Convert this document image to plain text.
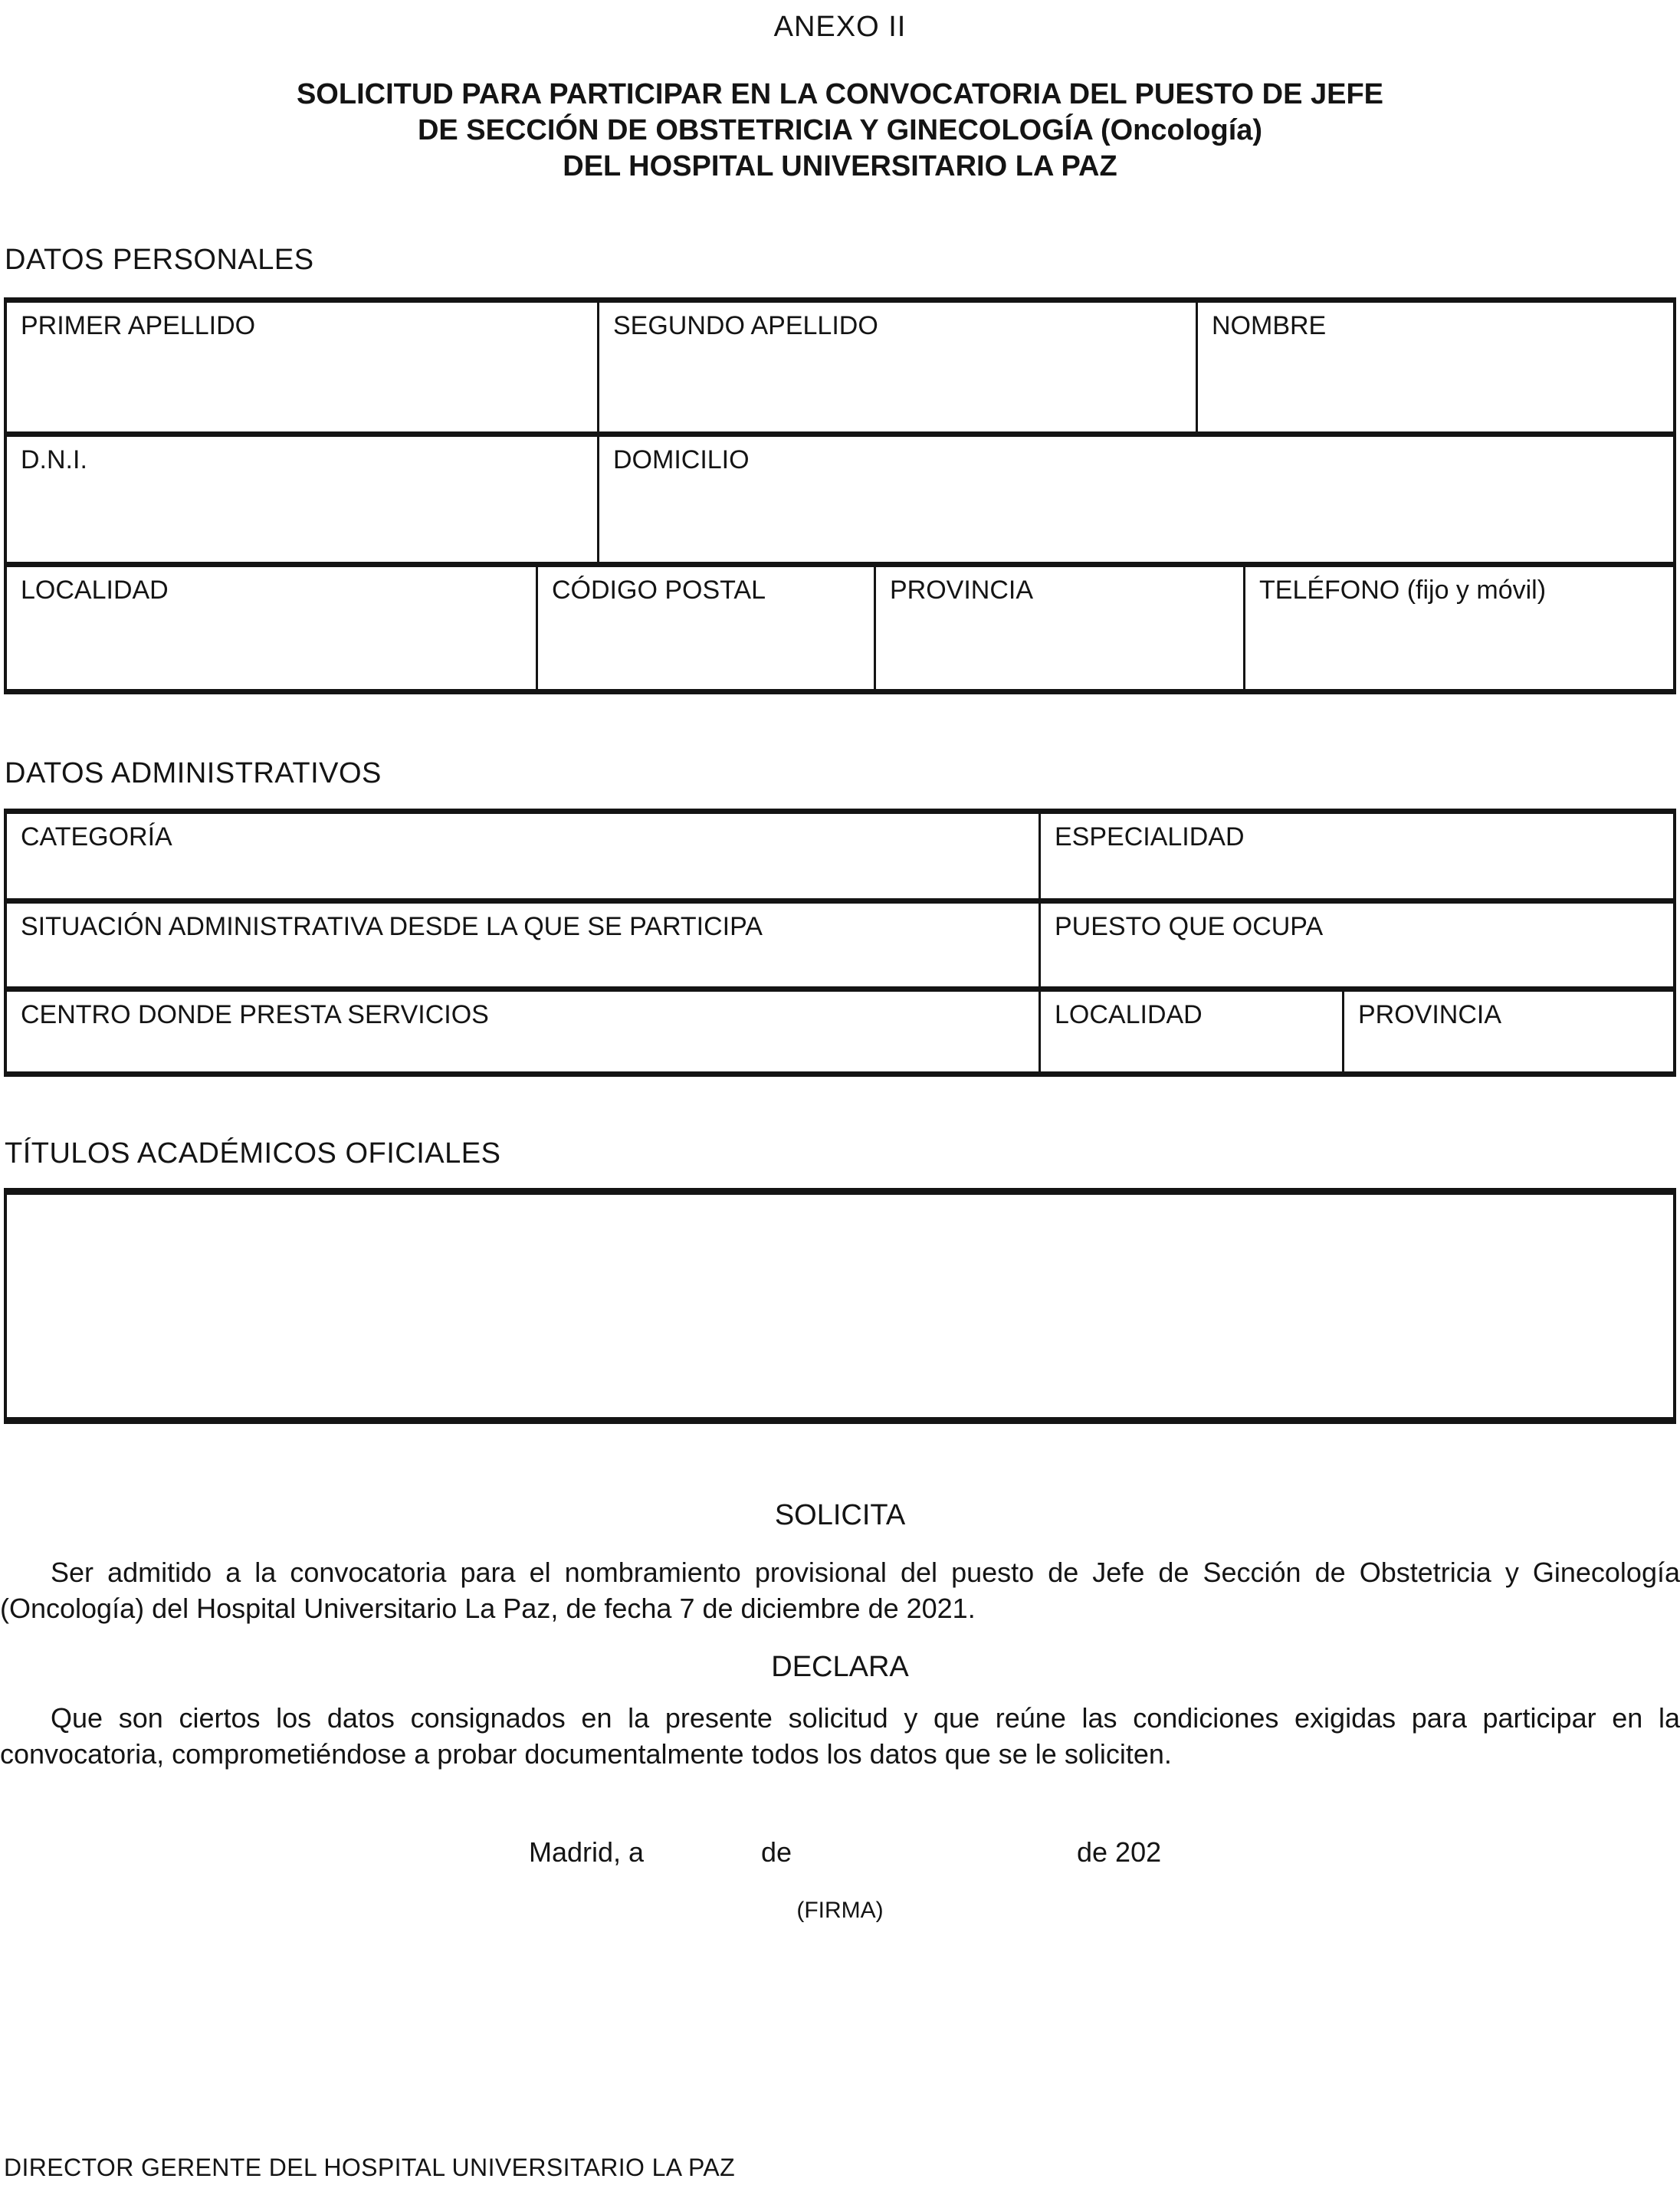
ANEXO II
SOLICITUD PARA PARTICIPAR EN LA CONVOCATORIA DEL PUESTO DE JEFE
DE SECCIÓN DE OBSTETRICIA Y GINECOLOGÍA (Oncología)
DEL HOSPITAL UNIVERSITARIO LA PAZ
DATOS PERSONALES
PRIMER APELLIDO	SEGUNDO APELLIDO	NOMBRE
D.N.I.	DOMICILIO
LOCALIDAD	CÓDIGO POSTAL	PROVINCIA	TELÉFONO (fijo y móvil)
DATOS ADMINISTRATIVOS
CATEGORÍA	ESPECIALIDAD
SITUACIÓN ADMINISTRATIVA DESDE LA QUE SE PARTICIPA	PUESTO QUE OCUPA
CENTRO DONDE PRESTA SERVICIOS	LOCALIDAD	PROVINCIA
TÍTULOS ACADÉMICOS OFICIALES
SOLICITA
Ser admitido a la convocatoria para el nombramiento provisional del puesto de Jefe de Sección de Obstetricia y Ginecología
(Oncología) del Hospital Universitario La Paz, de fecha 7 de diciembre de 2021.
DECLARA
Que son ciertos los datos consignados en la presente solicitud y que reúne las condiciones exigidas para participar en la
convocatoria, comprometiéndose a probar documentalmente todos los datos que se le soliciten.
Madrid, a	de	de 202
(FIRMA)
DIRECTOR GERENTE DEL HOSPITAL UNIVERSITARIO LA PAZ
